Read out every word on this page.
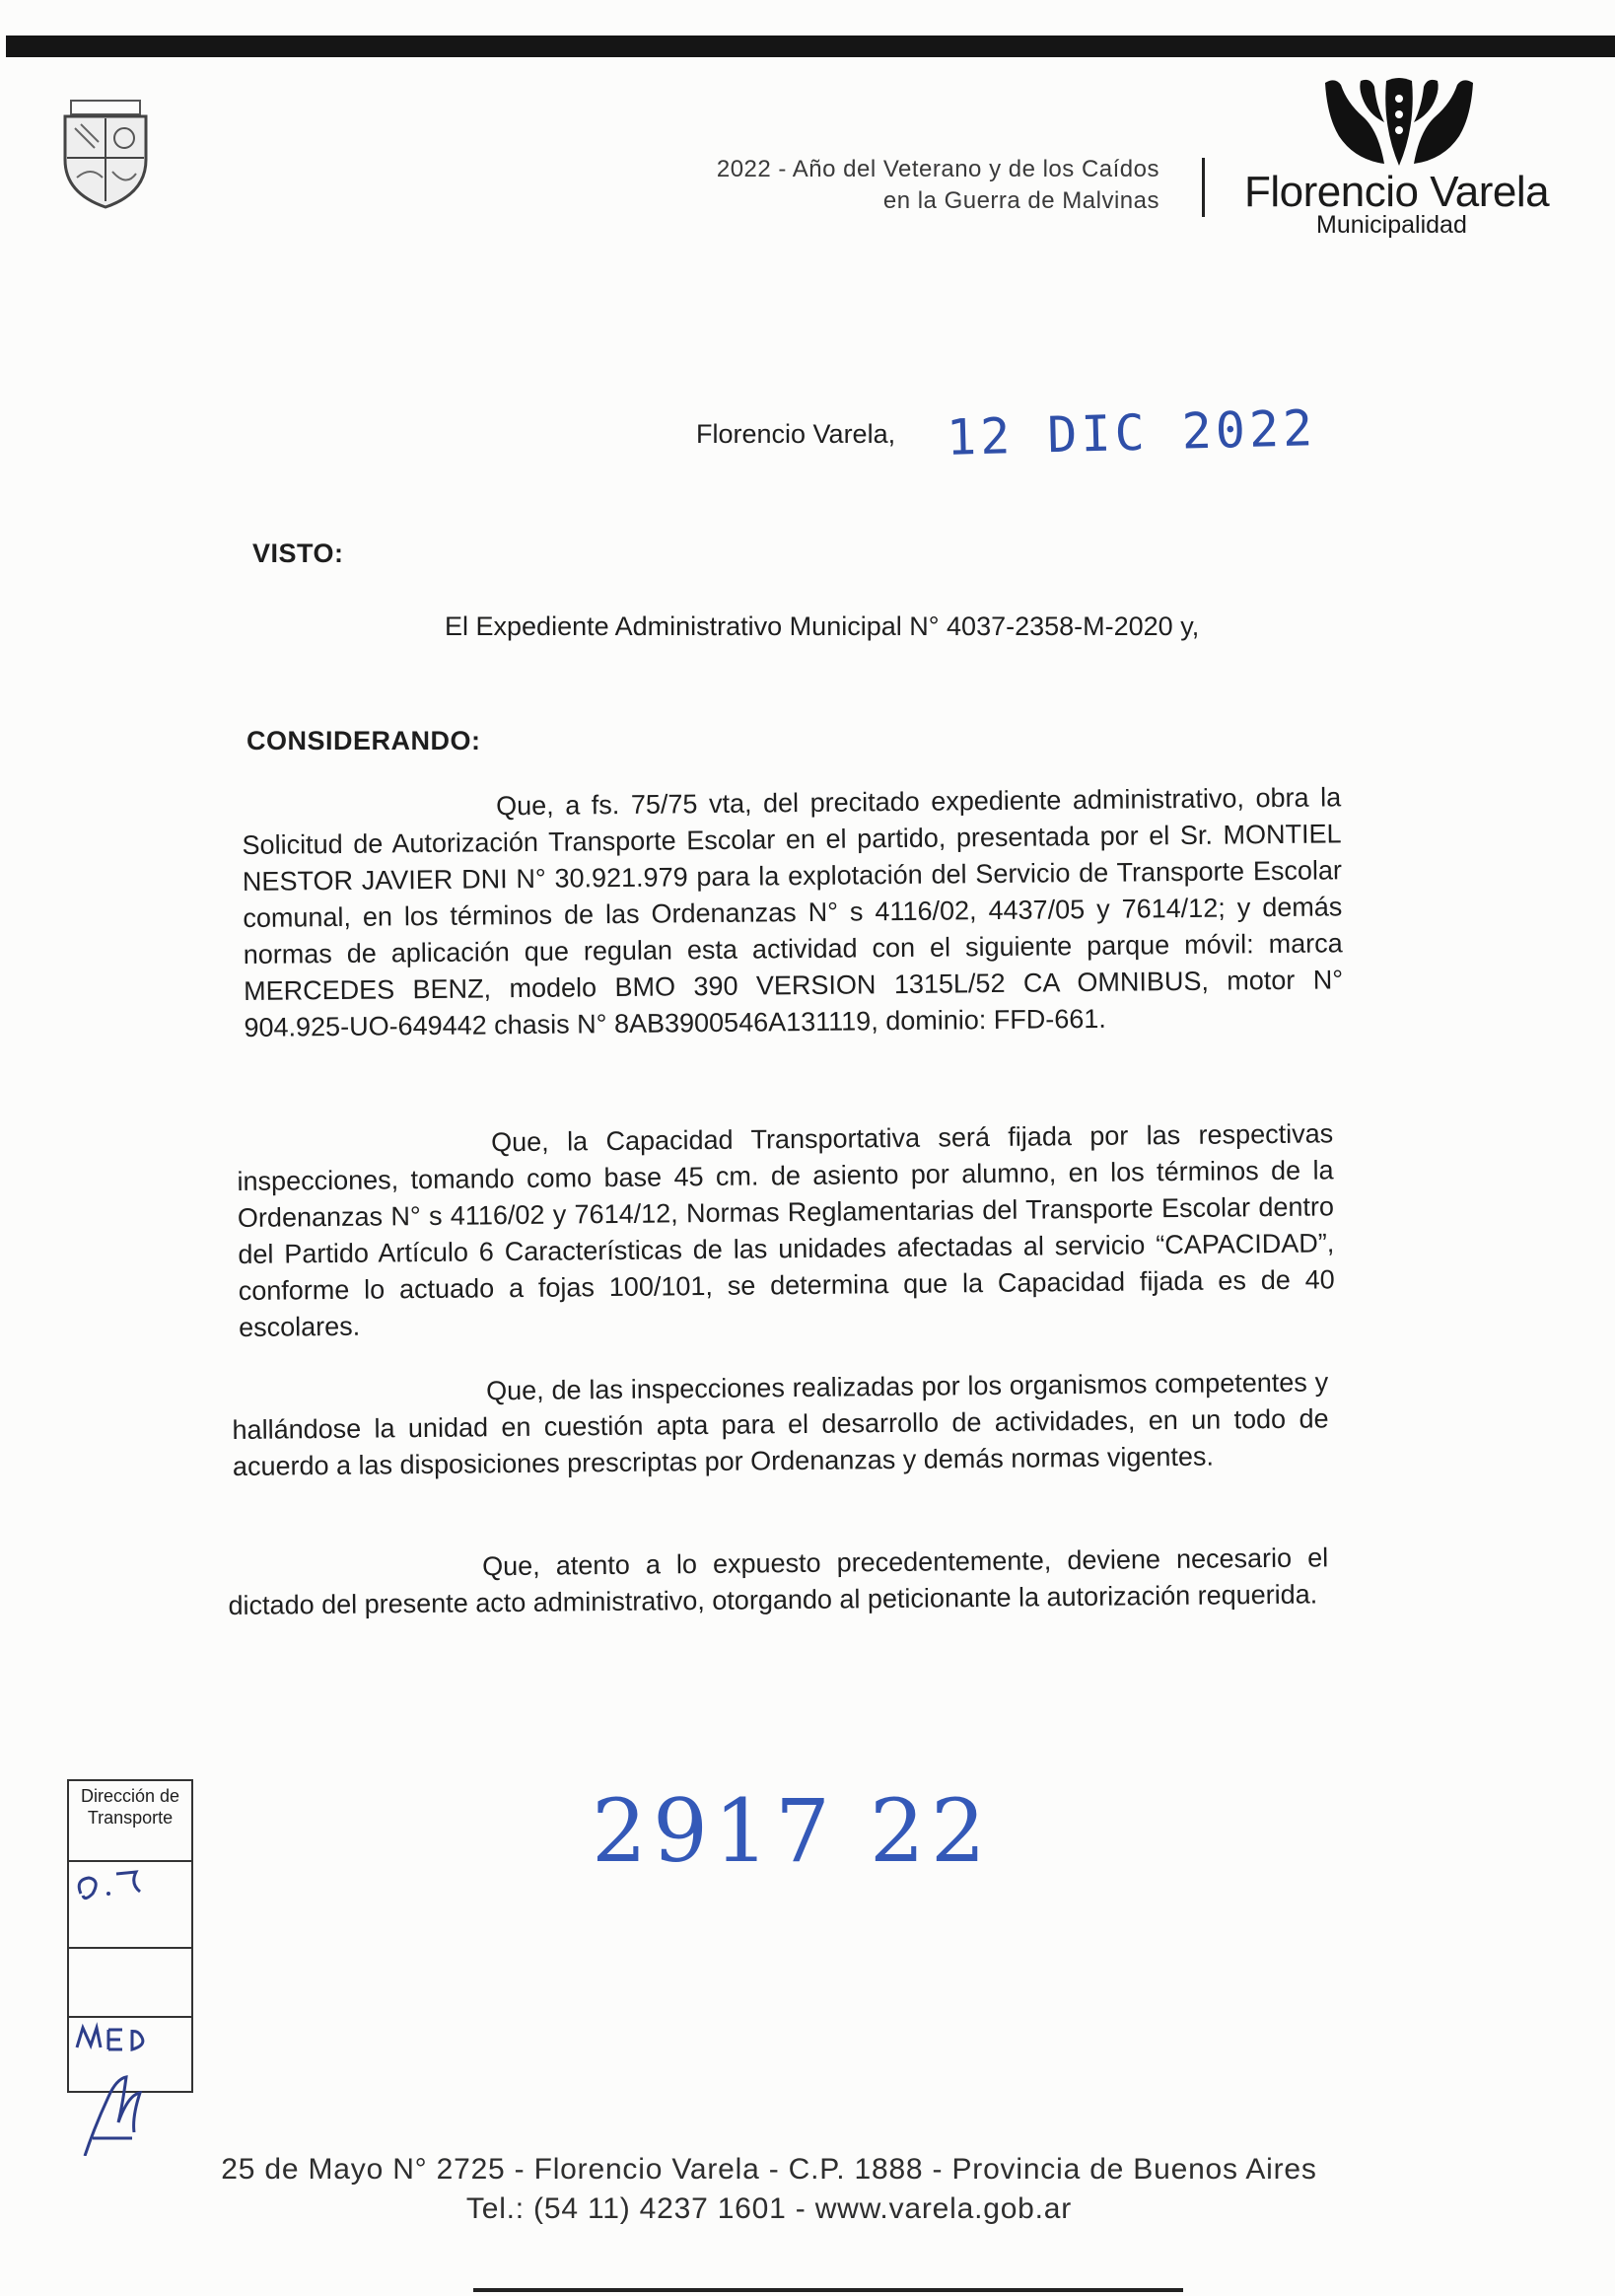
2022 - Año del Veterano y de los Caídos
en la Guerra de Malvinas Florencio Varela
Municipalidad
Florencio Varela, 12 DIC 2022
VISTO:
El Expediente Administrativo Municipal N° 4037-2358-M-2020 y,
CONSIDERANDO:
Que, a fs. 75/75 vta, del precitado expediente administrativo, obra la Solicitud de Autorización Transporte Escolar en el partido, presentada por el Sr. MONTIEL NESTOR JAVIER DNI N° 30.921.979 para la explotación del Servicio de Transporte Escolar comunal, en los términos de las Ordenanzas N° s 4116/02, 4437/05 y 7614/12; y demás normas de aplicación que regulan esta actividad con el siguiente parque móvil: marca MERCEDES BENZ, modelo BMO 390 VERSION 1315L/52 CA OMNIBUS, motor N° 904.925-UO-649442 chasis N° 8AB3900546A131119, dominio: FFD-661.
Que, la Capacidad Transportativa será fijada por las respectivas inspecciones, tomando como base 45 cm. de asiento por alumno, en los términos de la Ordenanzas N° s 4116/02 y 7614/12, Normas Reglamentarias del Transporte Escolar dentro del Partido Artículo 6 Características de las unidades afectadas al servicio “CAPACIDAD”, conforme lo actuado a fojas 100/101, se determina que la Capacidad fijada es de 40 escolares.
Que, de las inspecciones realizadas por los organismos competentes y hallándose la unidad en cuestión apta para el desarrollo de actividades, en un todo de acuerdo a las disposiciones prescriptas por Ordenanzas y demás normas vigentes.
Que, atento a lo expuesto precedentemente, deviene necesario el dictado del presente acto administrativo, otorgando al peticionante la autorización requerida.
2917 22
Dirección de Transporte
25 de Mayo N° 2725 - Florencio Varela - C.P. 1888 - Provincia de Buenos Aires
Tel.: (54 11) 4237 1601 - www.varela.gob.ar
